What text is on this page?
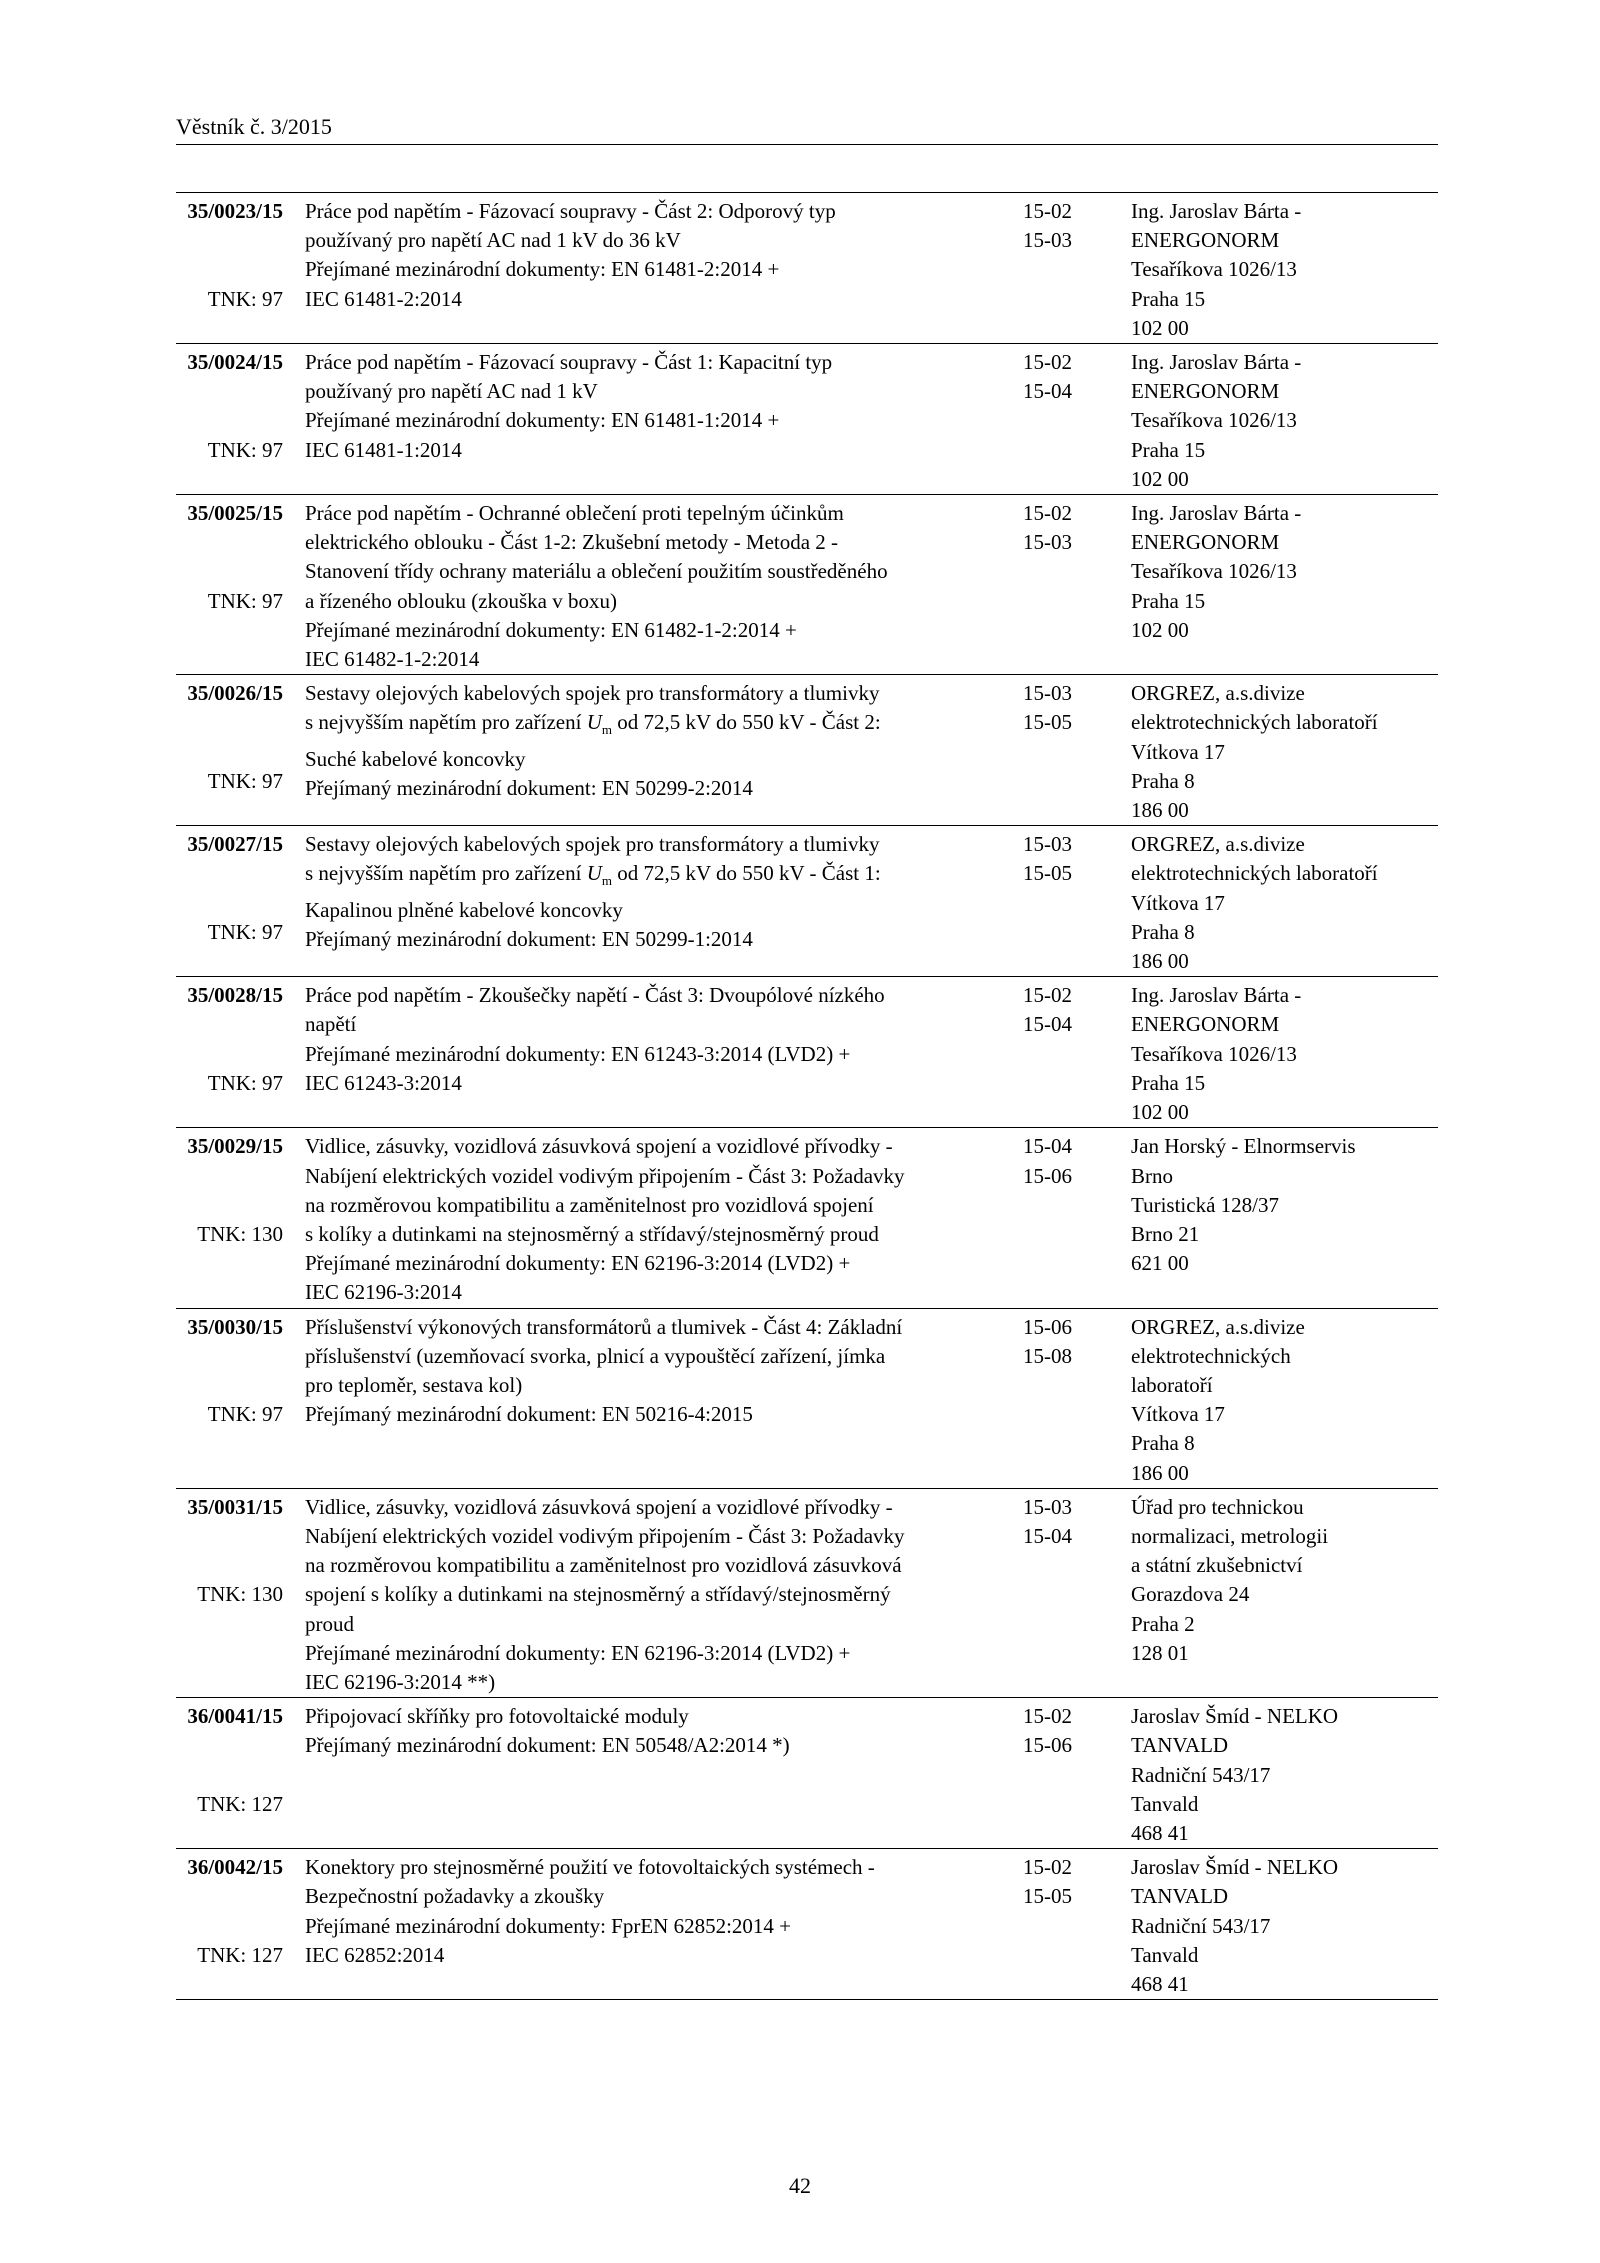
Věstník č. 3/2015
35/0023/15
TNK: 97
Práce pod napětím - Fázovací soupravy - Část 2: Odporový typ
používaný pro napětí AC nad 1 kV do 36 kV
Přejímané mezinárodní dokumenty: EN 61481-2:2014 +
IEC 61481-2:2014
15-02
15-03
Ing. Jaroslav Bárta -
ENERGONORM
Tesaříkova 1026/13
Praha 15
102 00
35/0024/15
TNK: 97
Práce pod napětím - Fázovací soupravy - Část 1: Kapacitní typ
používaný pro napětí AC nad 1 kV
Přejímané mezinárodní dokumenty: EN 61481-1:2014 +
IEC 61481-1:2014
15-02
15-04
Ing. Jaroslav Bárta -
ENERGONORM
Tesaříkova 1026/13
Praha 15
102 00
35/0025/15
TNK: 97
Práce pod napětím - Ochranné oblečení proti tepelným účinkům
elektrického oblouku - Část 1-2: Zkušební metody - Metoda 2 -
Stanovení třídy ochrany materiálu a oblečení použitím soustředěného
a řízeného oblouku (zkouška v boxu)
Přejímané mezinárodní dokumenty: EN 61482-1-2:2014 +
IEC 61482-1-2:2014
15-02
15-03
Ing. Jaroslav Bárta -
ENERGONORM
Tesaříkova 1026/13
Praha 15
102 00
35/0026/15
TNK: 97
Sestavy olejových kabelových spojek pro transformátory a tlumivky
s nejvyšším napětím pro zařízení $U_m$ od 72,5 kV do 550 kV - Část 2:
Suché kabelové koncovky
Přejímaný mezinárodní dokument: EN 50299-2:2014
15-03
15-05
ORGREZ, a.s.divize
elektrotechnických laboratoří
Vítkova 17
Praha 8
186 00
35/0027/15
TNK: 97
Sestavy olejových kabelových spojek pro transformátory a tlumivky
s nejvyšším napětím pro zařízení $U_m$ od 72,5 kV do 550 kV - Část 1:
Kapalinou plněné kabelové koncovky
Přejímaný mezinárodní dokument: EN 50299-1:2014
15-03
15-05
ORGREZ, a.s.divize
elektrotechnických laboratoří
Vítkova 17
Praha 8
186 00
35/0028/15
TNK: 97
Práce pod napětím - Zkoušečky napětí - Část 3: Dvoupólové nízkého
napětí
Přejímané mezinárodní dokumenty: EN 61243-3:2014 (LVD2) +
IEC 61243-3:2014
15-02
15-04
Ing. Jaroslav Bárta -
ENERGONORM
Tesaříkova 1026/13
Praha 15
102 00
35/0029/15
TNK: 130
Vidlice, zásuvky, vozidlová zásuvková spojení a vozidlové přívodky -
Nabíjení elektrických vozidel vodivým připojením - Část 3: Požadavky
na rozměrovou kompatibilitu a zaměnitelnost pro vozidlová spojení
s kolíky a dutinkami na stejnosměrný a střídavý/stejnosměrný proud
Přejímané mezinárodní dokumenty: EN 62196-3:2014 (LVD2) +
IEC 62196-3:2014
15-04
15-06
Jan Horský - Elnormservis
Brno
Turistická 128/37
Brno 21
621 00
35/0030/15
TNK: 97
Příslušenství výkonových transformátorů a tlumivek - Část 4: Základní
příslušenství (uzemňovací svorka, plnicí a vypouštěcí zařízení, jímka
pro teploměr, sestava kol)
Přejímaný mezinárodní dokument: EN 50216-4:2015
15-06
15-08
ORGREZ, a.s.divize
elektrotechnických
laboratoří
Vítkova 17
Praha 8
186 00
35/0031/15
TNK: 130
Vidlice, zásuvky, vozidlová zásuvková spojení a vozidlové přívodky -
Nabíjení elektrických vozidel vodivým připojením - Část 3: Požadavky
na rozměrovou kompatibilitu a zaměnitelnost pro vozidlová zásuvková
spojení s kolíky a dutinkami na stejnosměrný a střídavý/stejnosměrný
proud
Přejímané mezinárodní dokumenty: EN 62196-3:2014 (LVD2) +
IEC 62196-3:2014 **)
15-03
15-04
Úřad pro technickou
normalizaci, metrologii
a státní zkušebnictví
Gorazdova 24
Praha 2
128 01
36/0041/15
TNK: 127
Připojovací skříňky pro fotovoltaické moduly
Přejímaný mezinárodní dokument: EN 50548/A2:2014 *)
15-02
15-06
Jaroslav Šmíd - NELKO
TANVALD
Radniční 543/17
Tanvald
468 41
36/0042/15
TNK: 127
Konektory pro stejnosměrné použití ve fotovoltaických systémech -
Bezpečnostní požadavky a zkoušky
Přejímané mezinárodní dokumenty: FprEN 62852:2014 +
IEC 62852:2014
15-02
15-05
Jaroslav Šmíd - NELKO
TANVALD
Radniční 543/17
Tanvald
468 41
42
